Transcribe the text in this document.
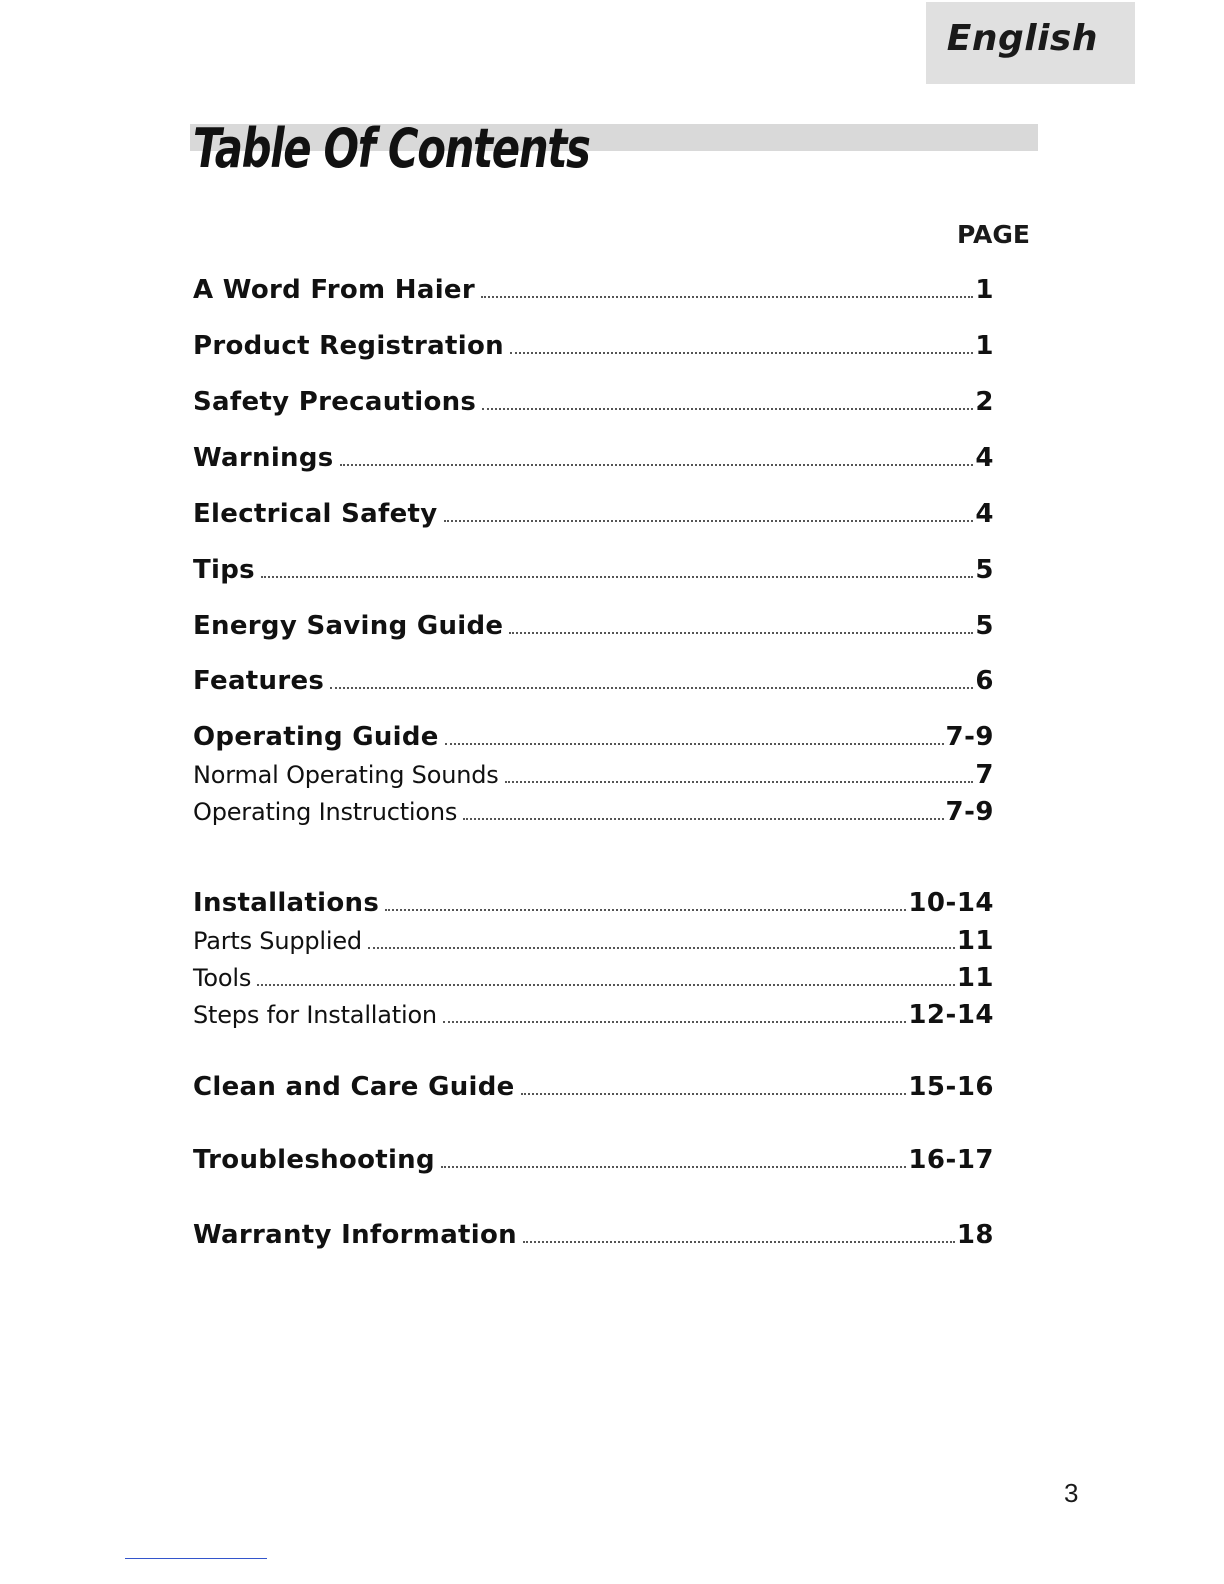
English
Table Of Contents
PAGE
A Word From Haier	1
Product Registration	1
Safety Precautions	2
Warnings	4
Electrical Safety	4
Tips	5
Energy Saving Guide	5
Features	6
Operating Guide	7-9
Normal Operating Sounds	7
Operating Instructions	7-9
Installations	10-14
Parts Supplied	11
Tools	11
Steps for Installation	12-14
Clean and Care Guide	15-16
Troubleshooting	16-17
Warranty Information	18
3
